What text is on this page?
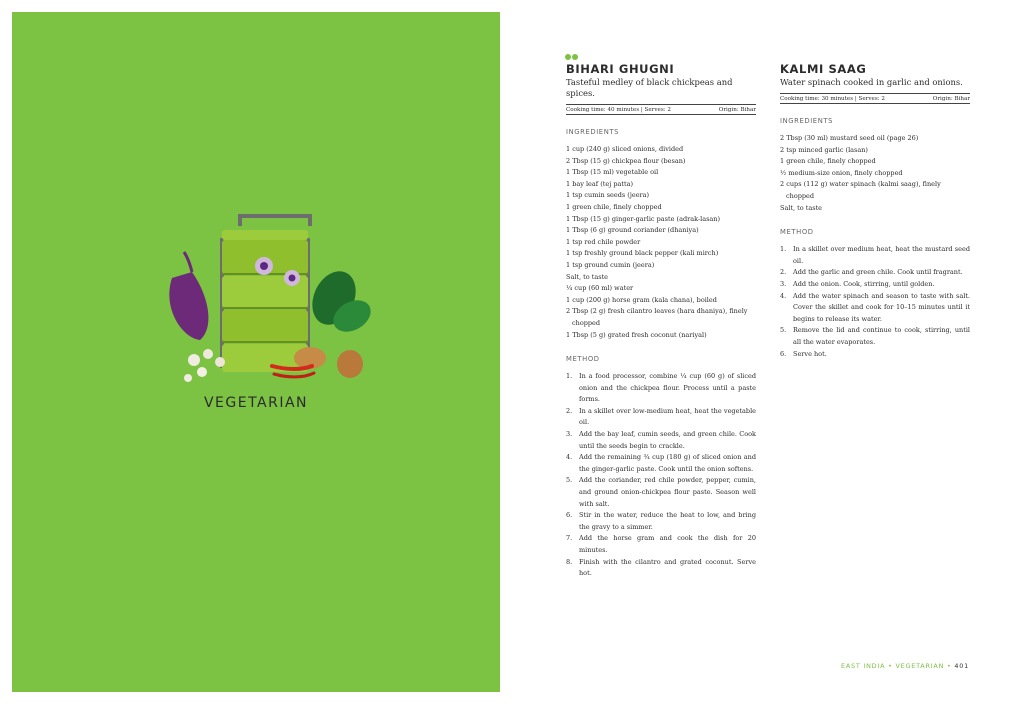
VEGETARIAN
BIHARI GHUGNI
Tasteful medley of black chickpeas and spices.
Cooking time: 40 minutes | Serves: 2	Origin: Bihar
INGREDIENTS
1 cup (240 g) sliced onions, divided
2 Tbsp (15 g) chickpea flour (besan)
1 Tbsp (15 ml) vegetable oil
1 bay leaf (tej patta)
1 tsp cumin seeds (jeera)
1 green chile, finely chopped
1 Tbsp (15 g) ginger-garlic paste (adrak-lasan)
1 Tbsp (6 g) ground coriander (dhaniya)
1 tsp red chile powder
1 tsp freshly ground black pepper (kali mirch)
1 tsp ground cumin (jeera)
Salt, to taste
¼ cup (60 ml) water
1 cup (200 g) horse gram (kala chana), boiled
2 Tbsp (2 g) fresh cilantro leaves (hara dhaniya), finely chopped
1 Tbsp (5 g) grated fresh coconut (nariyal)
METHOD
1.	In a food processor, combine ¼ cup (60 g) of sliced onion and the chickpea flour. Process until a paste forms.
2.	In a skillet over low-medium heat, heat the vegetable oil.
3.	Add the bay leaf, cumin seeds, and green chile. Cook until the seeds begin to crackle.
4.	Add the remaining ¾ cup (180 g) of sliced onion and the ginger-garlic paste. Cook until the onion softens.
5.	Add the coriander, red chile powder, pepper, cumin, and ground onion-chickpea flour paste. Season well with salt.
6.	Stir in the water, reduce the heat to low, and bring the gravy to a simmer.
7.	Add the horse gram and cook the dish for 20 minutes.
8.	Finish with the cilantro and grated coconut. Serve hot.
KALMI SAAG
Water spinach cooked in garlic and onions.
Cooking time: 30 minutes | Serves: 2	Origin: Bihar
INGREDIENTS
2 Tbsp (30 ml) mustard seed oil (page 26)
2 tsp minced garlic (lasan)
1 green chile, finely chopped
½ medium-size onion, finely chopped
2 cups (112 g) water spinach (kalmi saag), finely chopped
Salt, to taste
METHOD
1.	In a skillet over medium heat, heat the mustard seed oil.
2.	Add the garlic and green chile. Cook until fragrant.
3.	Add the onion. Cook, stirring, until golden.
4.	Add the water spinach and season to taste with salt. Cover the skillet and cook for 10–15 minutes until it begins to release its water.
5.	Remove the lid and continue to cook, stirring, until all the water evaporates.
6.	Serve hot.
EAST INDIA • VEGETARIAN • 401
